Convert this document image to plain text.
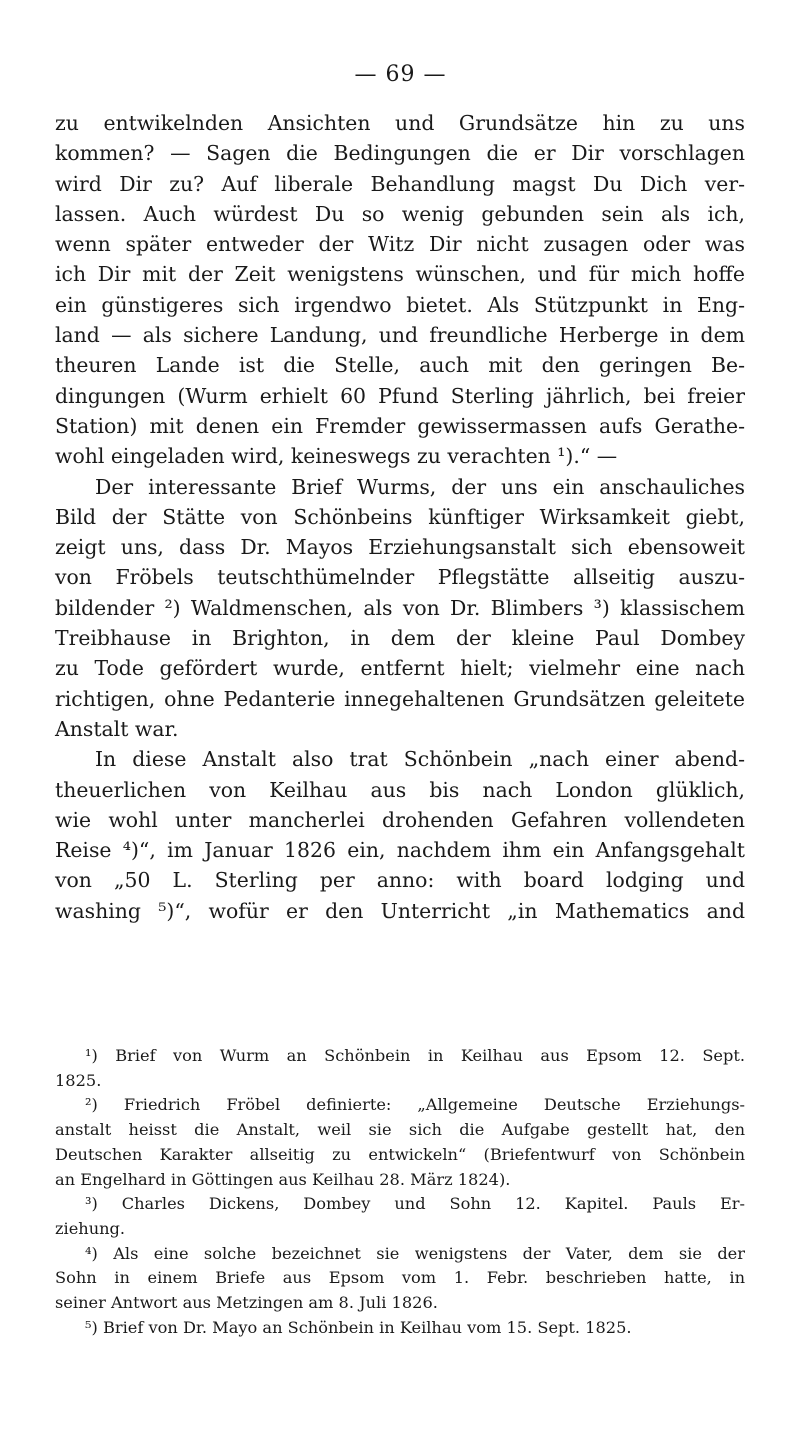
— 69 —
zu entwikelnden Ansichten und Grundsätze hin zu uns
kommen? — Sagen die Bedingungen die er Dir vorschlagen
wird Dir zu? Auf liberale Behandlung magst Du Dich ver-
lassen. Auch würdest Du so wenig gebunden sein als ich,
wenn später entweder der Witz Dir nicht zusagen oder was
ich Dir mit der Zeit wenigstens wünschen, und für mich hoffe
ein günstigeres sich irgendwo bietet. Als Stützpunkt in Eng-
land — als sichere Landung, und freundliche Herberge in dem
theuren Lande ist die Stelle, auch mit den geringen Be-
dingungen (Wurm erhielt 60 Pfund Sterling jährlich, bei freier
Station) mit denen ein Fremder gewissermassen aufs Gerathe-
wohl eingeladen wird, keineswegs zu verachten ¹).“ —
Der interessante Brief Wurms, der uns ein anschauliches
Bild der Stätte von Schönbeins künftiger Wirksamkeit giebt,
zeigt uns, dass Dr. Mayos Erziehungsanstalt sich ebensoweit
von Fröbels teutschthümelnder Pflegstätte allseitig auszu-
bildender ²) Waldmenschen, als von Dr. Blimbers ³) klassischem
Treibhause in Brighton, in dem der kleine Paul Dombey
zu Tode gefördert wurde, entfernt hielt; vielmehr eine nach
richtigen, ohne Pedanterie innegehaltenen Grundsätzen geleitete
Anstalt war.
In diese Anstalt also trat Schönbein „nach einer abend-
theuerlichen von Keilhau aus bis nach London glüklich,
wie wohl unter mancherlei drohenden Gefahren vollendeten
Reise ⁴)“, im Januar 1826 ein, nachdem ihm ein Anfangsgehalt
von „50 L. Sterling per anno: with board lodging und
washing ⁵)“, wofür er den Unterricht „in Mathematics and
¹) Brief von Wurm an Schönbein in Keilhau aus Epsom 12. Sept.
1825.
²) Friedrich Fröbel definierte: „Allgemeine Deutsche Erziehungs-
anstalt heisst die Anstalt, weil sie sich die Aufgabe gestellt hat, den
Deutschen Karakter allseitig zu entwickeln“ (Briefentwurf von Schönbein
an Engelhard in Göttingen aus Keilhau 28. März 1824).
³) Charles Dickens, Dombey und Sohn 12. Kapitel. Pauls Er-
ziehung.
⁴) Als eine solche bezeichnet sie wenigstens der Vater, dem sie der
Sohn in einem Briefe aus Epsom vom 1. Febr. beschrieben hatte, in
seiner Antwort aus Metzingen am 8. Juli 1826.
⁵) Brief von Dr. Mayo an Schönbein in Keilhau vom 15. Sept. 1825.
